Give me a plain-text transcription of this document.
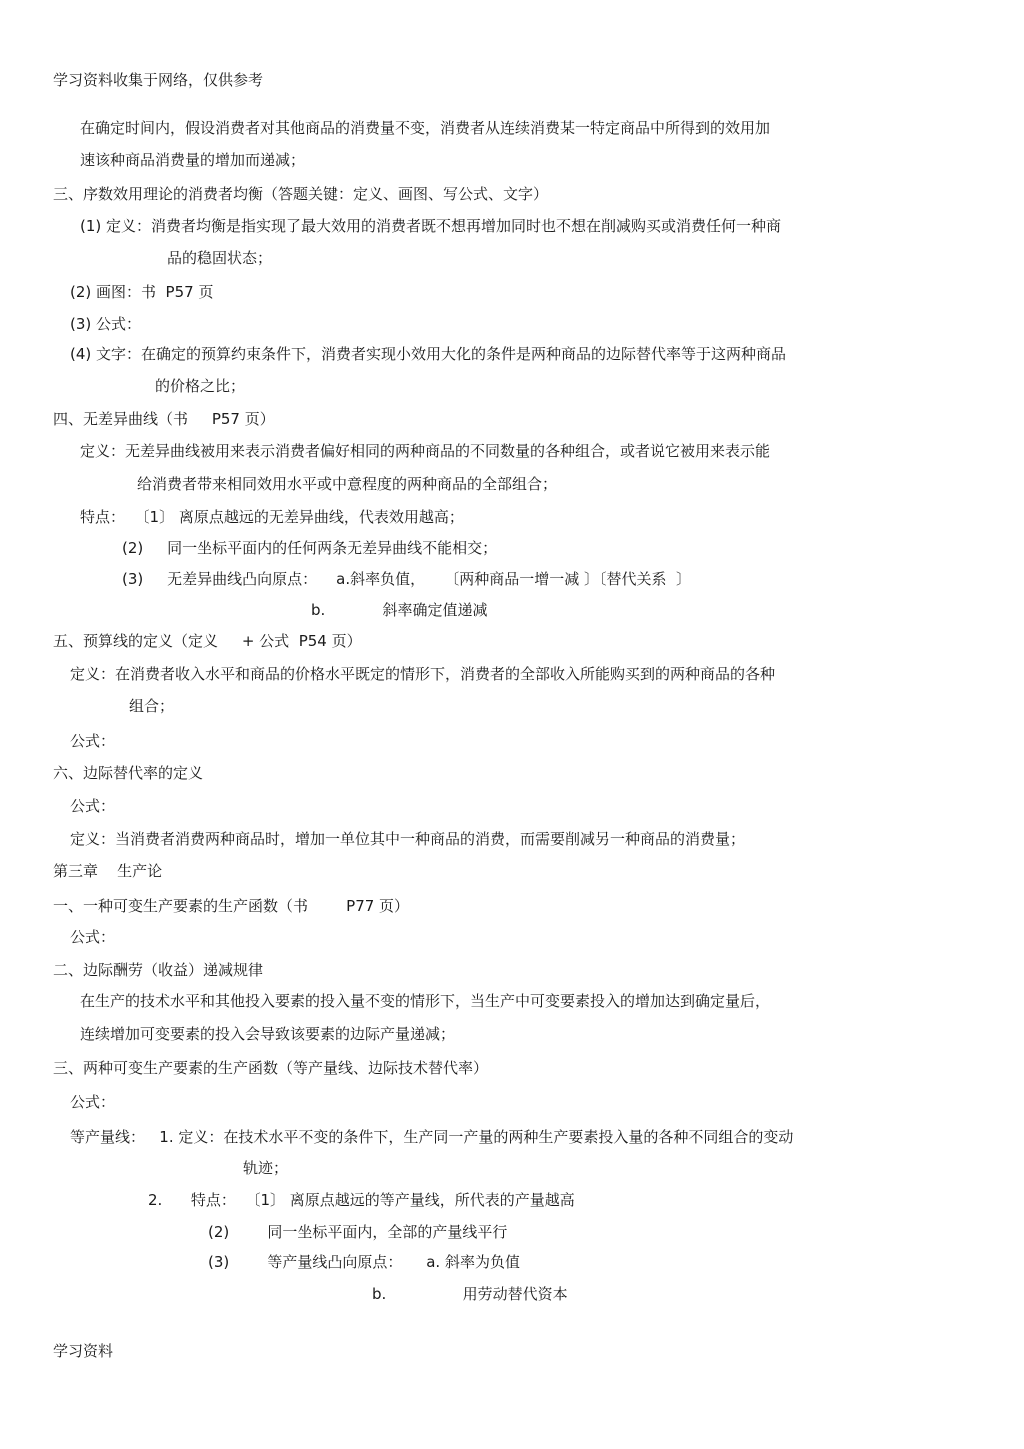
学习资料收集于网络，仅供参考
在确定时间内，假设消费者对其他商品的消费量不变，消费者从连续消费某一特定商品中所得到的效用加
速该种商品消费量的增加而递减；
三、序数效用理论的消费者均衡（答题关键：定义、画图、写公式、文字）
(1) 定义：消费者均衡是指实现了最大效用的消费者既不想再增加同时也不想在削减购买或消费任何一种商
品的稳固状态；
(2) 画图：书  P57 页
(3) 公式：
(4) 文字：在确定的预算约束条件下，消费者实现小效用大化的条件是两种商品的边际替代率等于这两种商品
的价格之比；
四、无差异曲线（书     P57 页）
定义：无差异曲线被用来表示消费者偏好相同的两种商品的不同数量的各种组合，或者说它被用来表示能
给消费者带来相同效用水平或中意程度的两种商品的全部组合；
特点：  〔1〕 离原点越远的无差异曲线，代表效用越高；
(2)     同一坐标平面内的任何两条无差异曲线不能相交；
(3)     无差异曲线凸向原点：    a.斜率负值，    〔两种商品一增一减 〕〔替代关系  〕
b.            斜率确定值递减
五、预算线的定义（定义     + 公式  P54 页）
定义：在消费者收入水平和商品的价格水平既定的情形下，消费者的全部收入所能购买到的两种商品的各种
组合；
公式：
六、边际替代率的定义
公式：
定义：当消费者消费两种商品时，增加一单位其中一种商品的消费，而需要削减另一种商品的消费量；
第三章    生产论
一、一种可变生产要素的生产函数（书        P77 页）
公式：
二、边际酬劳（收益）递减规律
在生产的技术水平和其他投入要素的投入量不变的情形下，当生产中可变要素投入的增加达到确定量后，
连续增加可变要素的投入会导致该要素的边际产量递减；
三、两种可变生产要素的生产函数（等产量线、边际技术替代率）
公式：
等产量线：   1. 定义：在技术水平不变的条件下，生产同一产量的两种生产要素投入量的各种不同组合的变动
轨迹；
2.      特点：  〔1〕 离原点越远的等产量线，所代表的产量越高
(2)        同一坐标平面内，全部的产量线平行
(3)        等产量线凸向原点：     a. 斜率为负值
b.                用劳动替代资本
学习资料
